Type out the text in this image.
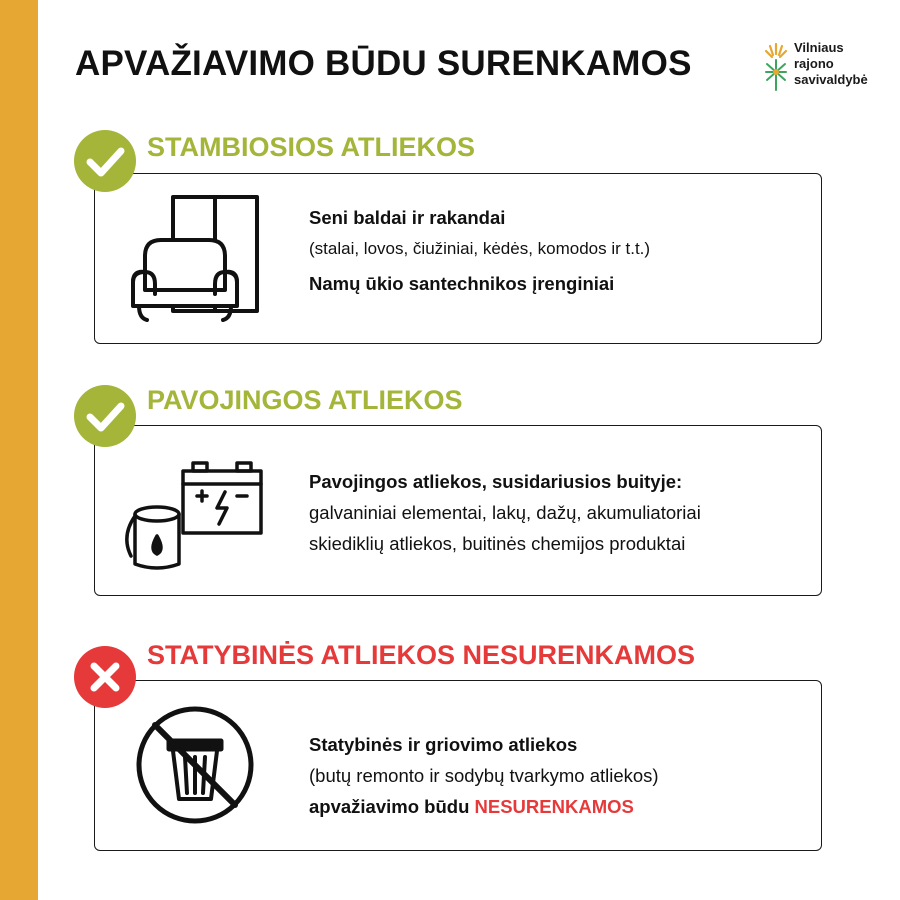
APVAŽIAVIMO BŪDU SURENKAMOS	Vilniaus
rajono
savivaldybė
STAMBIOSIOS ATLIEKOS
Seni baldai ir rakandai
(stalai, lovos, čiužiniai, kėdės, komodos ir t.t.)
Namų ūkio santechnikos įrenginiai
PAVOJINGOS ATLIEKOS
Pavojingos atliekos, susidariusios buityje:
galvaniniai elementai, lakų, dažų, akumuliatoriai
skiediklių atliekos, buitinės chemijos produktai
STATYBINĖS ATLIEKOS NESURENKAMOS
Statybinės ir griovimo atliekos
(butų remonto ir sodybų tvarkymo atliekos)
apvažiavimo būdu NESURENKAMOS
